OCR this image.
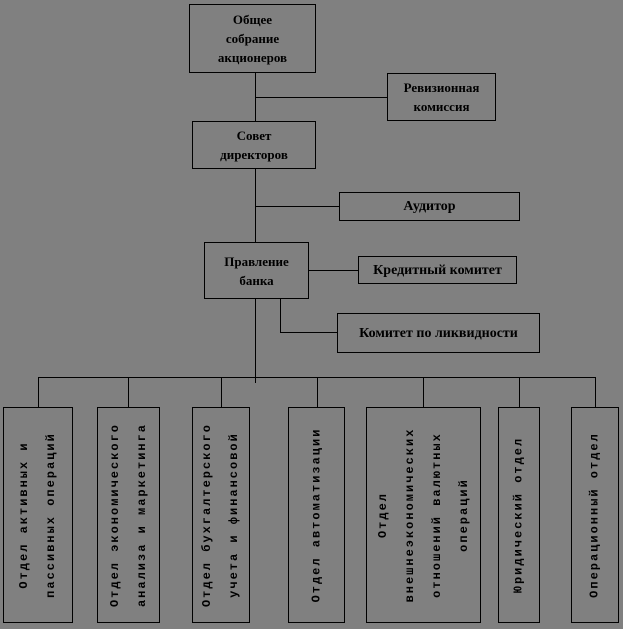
Общее
собрание
акционеров
Ревизионная
комиссия
Совет
директоров
Аудитор
Правление
банка
Кредитный комитет
Комитет по ликвидности
Отдел активных и	пассивных операций	Отдел экономического	анализа и маркетинга	Отдел бухгалтерского	учета и финансовой	Отдел автоматизации	Отдел	внешнеэкономических	отношений валютных	операций	Юридический отдел	Операционный отдел
